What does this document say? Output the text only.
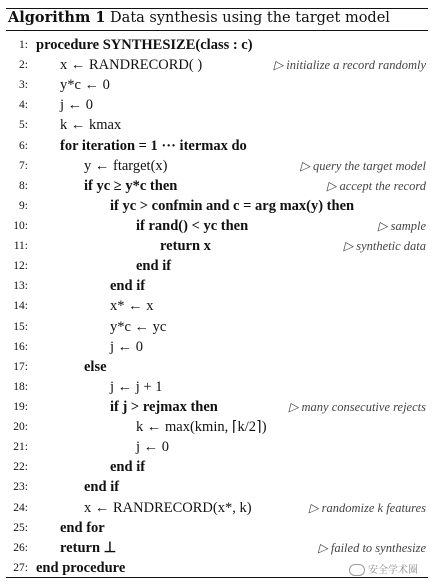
Algorithm 1 Data synthesis using the target model
1: procedure SYNTHESIZE(class : c)
2: x ← RANDRECORD( )	▷ initialize a record randomly
3: y*c ← 0
4: j ← 0
5: k ← kmax
6: for iteration = 1 ··· itermax do
7:	y ← ftarget(x)	▷ query the target model
8:	if yc ≥ y*c then	▷ accept the record
9:	if yc > confmin and c = arg max(y) then
10:	if rand() < yc then	▷ sample
11:	return x	▷ synthetic data
12:	end if
13:	end if
14:	x* ← x
15:	y*c ← yc
16:	j ← 0
17:	else
18:	j ← j + 1
19:	if j > rejmax then	▷ many consecutive rejects
20:	k ← max(kmin, ⌈k/2⌉)
21:	j ← 0
22:	end if
23:	end if
24:	x ← RANDRECORD(x*, k)	▷ randomize k features
25: end for
26: return ⊥	▷ failed to synthesize
27: end procedure	安全学术圈
